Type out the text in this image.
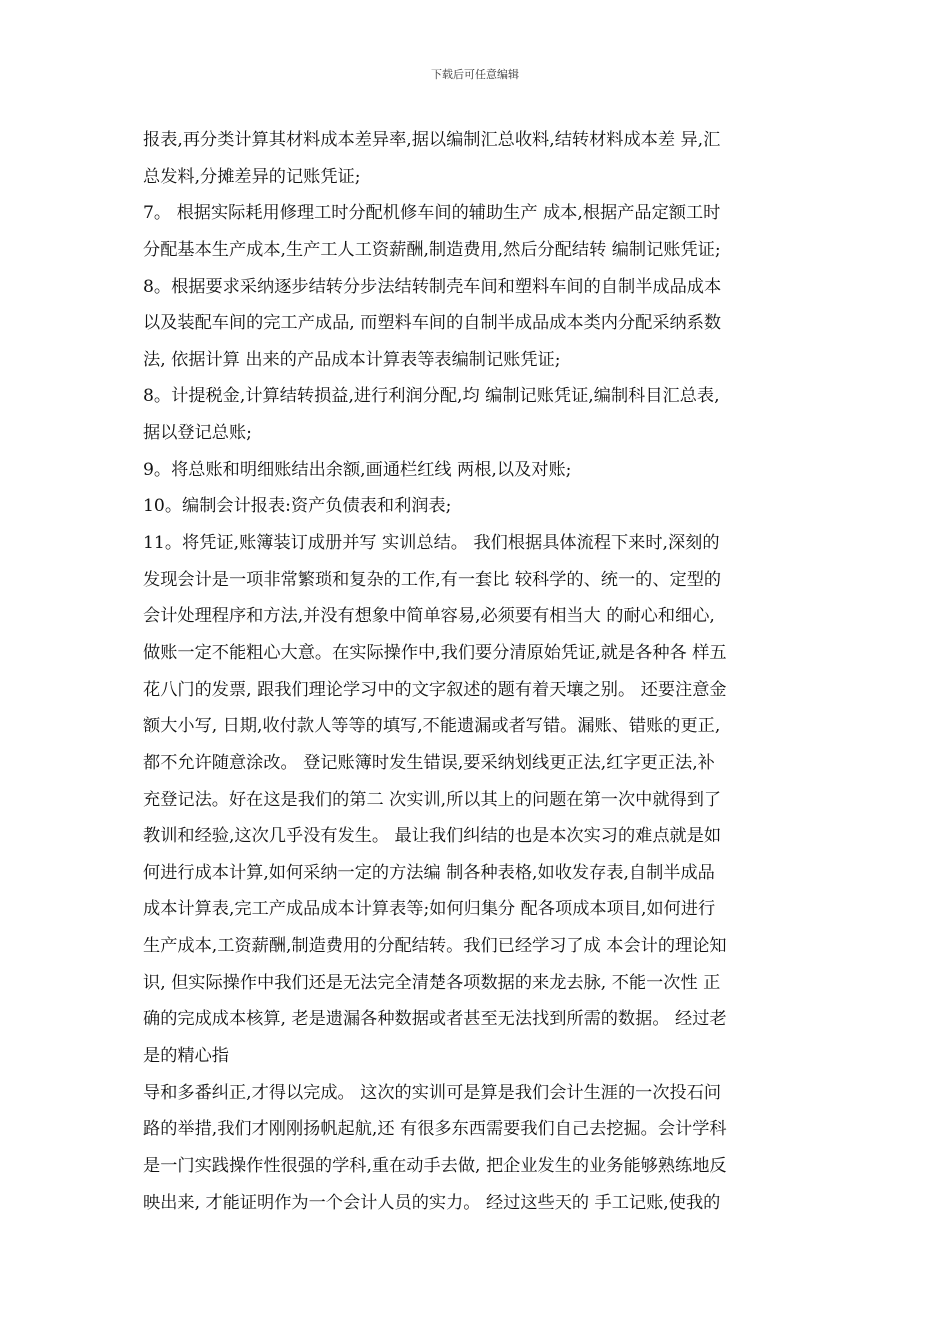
下载后可任意编辑
报表,再分类计算其材料成本差异率,据以编制汇总收料,结转材料成本差 异,汇
总发料,分摊差异的记账凭证;
7。 根据实际耗用修理工时分配机修车间的辅助生产 成本,根据产品定额工时
分配基本生产成本,生产工人工资薪酬,制造费用,然后分配结转 编制记账凭证;
8。根据要求采纳逐步结转分步法结转制壳车间和塑料车间的自制半成品成本
以及装配车间的完工产成品, 而塑料车间的自制半成品成本类内分配采纳系数
法, 依据计算 出来的产品成本计算表等表编制记账凭证;
8。计提税金,计算结转损益,进行利润分配,均 编制记账凭证,编制科目汇总表,
据以登记总账;
9。将总账和明细账结出余额,画通栏红线 两根,以及对账;
10。编制会计报表:资产负债表和利润表;
11。将凭证,账簿装订成册并写 实训总结。 我们根据具体流程下来时,深刻的
发现会计是一项非常繁琐和复杂的工作,有一套比 较科学的、统一的、定型的
会计处理程序和方法,并没有想象中简单容易,必须要有相当大 的耐心和细心,
做账一定不能粗心大意。在实际操作中,我们要分清原始凭证,就是各种各 样五
花八门的发票, 跟我们理论学习中的文字叙述的题有着天壤之别。 还要注意金
额大小写, 日期,收付款人等等的填写,不能遗漏或者写错。漏账、错账的更正,
都不允许随意涂改。 登记账簿时发生错误,要采纳划线更正法,红字更正法,补
充登记法。好在这是我们的第二 次实训,所以其上的问题在第一次中就得到了
教训和经验,这次几乎没有发生。 最让我们纠结的也是本次实习的难点就是如
何进行成本计算,如何采纳一定的方法编 制各种表格,如收发存表,自制半成品
成本计算表,完工产成品成本计算表等;如何归集分 配各项成本项目,如何进行
生产成本,工资薪酬,制造费用的分配结转。我们已经学习了成 本会计的理论知
识, 但实际操作中我们还是无法完全清楚各项数据的来龙去脉, 不能一次性 正
确的完成成本核算, 老是遗漏各种数据或者甚至无法找到所需的数据。 经过老
是的精心指
导和多番纠正,才得以完成。 这次的实训可是算是我们会计生涯的一次投石问
路的举措,我们才刚刚扬帆起航,还 有很多东西需要我们自己去挖掘。会计学科
是一门实践操作性很强的学科,重在动手去做, 把企业发生的业务能够熟练地反
映出来, 才能证明作为一个会计人员的实力。 经过这些天的 手工记账,使我的
